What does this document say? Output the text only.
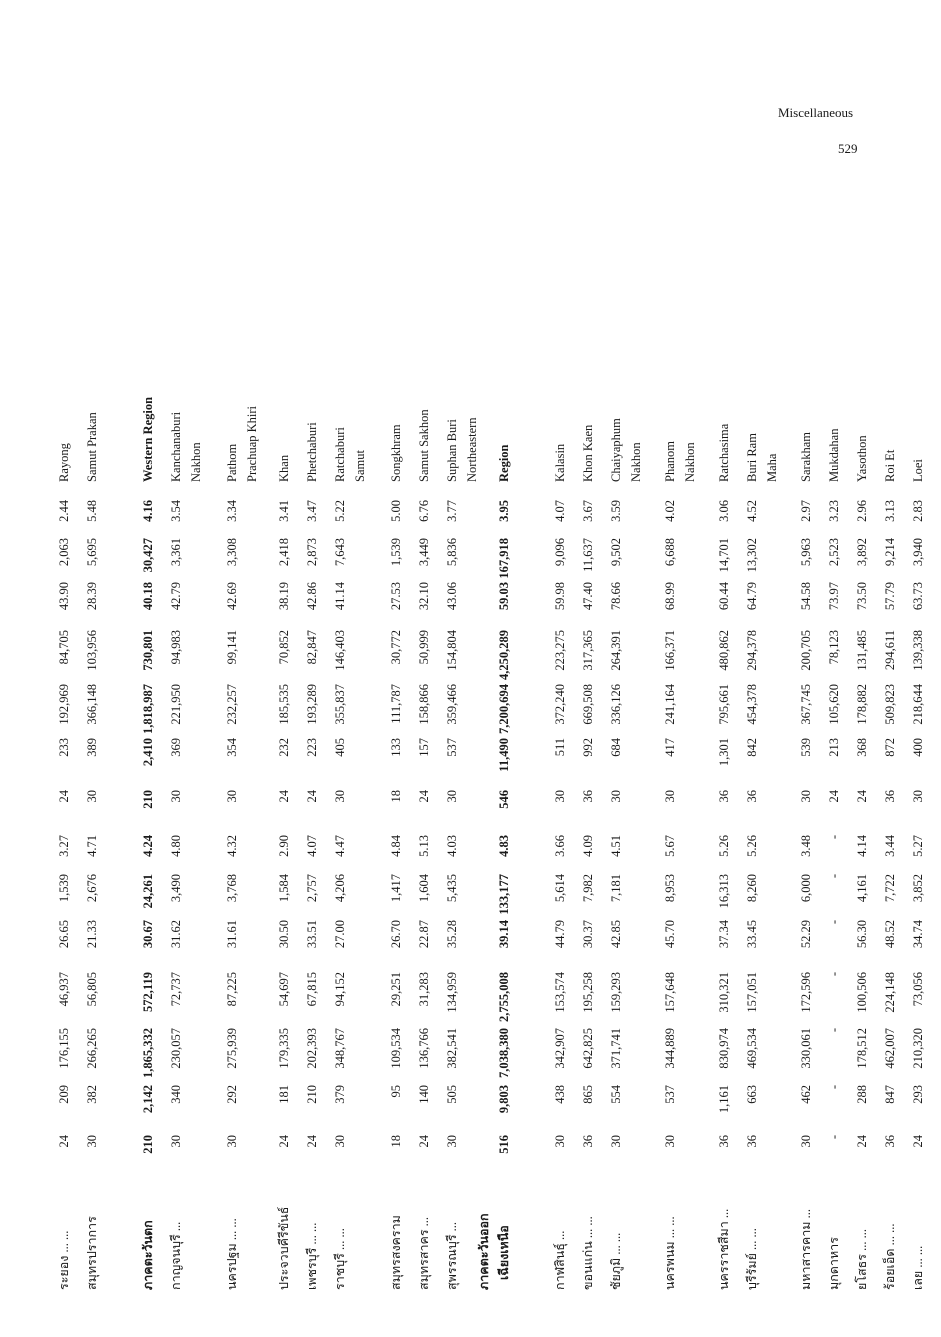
Miscellaneous
529
ระยอง ... ...
24
209
176,155
46,937
26.65
1,539
3.27
24
233
192,969
84,705
43.90
2,063
2.44
Rayong
สมุทรปราการ
30
382
266,265
56,805
21.33
2,676
4.71
30
389
366,148
103,956
28.39
5,695
5.48
Samut Prakan
ภาคตะวันตก
210
2,142
1,865,332
572,119
30.67
24,261
4.24
210
2,410
1,818,987
730,801
40.18
30,427
4.16
Western Region
กาญจนบุรี ...
30
340
230,057
72,737
31.62
3,490
4.80
30
369
221,950
94,983
42.79
3,361
3.54
Kanchanaburi Nakhon
นครปฐม ... ...
30
292
275,939
87,225
31.61
3,768
4.32
30
354
232,257
99,141
42.69
3,308
3.34
Pathom Prachuap Khiri
ประจวบคีรีขันธ์
24
181
179,335
54,697
30.50
1,584
2.90
24
232
185,535
70,852
38.19
2,418
3.41
Khan
เพชรบุรี ... ...
24
210
202,393
67,815
33.51
2,757
4.07
24
223
193,289
82,847
42.86
2,873
3.47
Phetchaburi
ราชบุรี ... ...
30
379
348,767
94,152
27.00
4,206
4.47
30
405
355,837
146,403
41.14
7,643
5.22
Ratchaburi Samut
สมุทรสงคราม
18
95
109,534
29,251
26.70
1,417
4.84
18
133
111,787
30,772
27.53
1,539
5.00
Songkhram
สมุทรสาคร ...
24
140
136,766
31,283
22.87
1,604
5.13
24
157
158,866
50,999
32.10
3,449
6.76
Samut Sakhon
สุพรรณบุรี ...
30
505
382,541
134,959
35.28
5,435
4.03
30
537
359,466
154,804
43.06
5,836
3.77
Suphan Buri Northeastern
ภาคตะวันออก เฉียงเหนือ
516
9,803
7,038,380
2,755,008
39.14
133,177
4.83
546
11,490
7,200,694
4,250,289
59.03
167,918
3.95
Region
กาฬสินธุ์ ...
30
438
342,907
153,574
44.79
5,614
3.66
30
511
372,240
223,275
59.98
9,096
4.07
Kalasin
ขอนแก่น ... ...
36
865
642,825
195,258
30.37
7,982
4.09
36
992
669,508
317,365
47.40
11,637
3.67
Khon Kaen
ชัยภูมิ ... ...
30
554
371,741
159,293
42.85
7,181
4.51
30
684
336,126
264,391
78.66
9,502
3.59
Chaiyaphum Nakhon
นครพนม ... ...
30
537
344,889
157,648
45.70
8,953
5.67
30
417
241,164
166,371
68.99
6,688
4.02
Phanom Nakhon
นครราชสีมา ...
36
1,161
830,974
310,321
37.34
16,313
5.26
36
1,301
795,661
480,862
60.44
14,701
3.06
Ratchasima
บุรีรัมย์ ... ...
36
663
469,534
157,051
33.45
8,260
5.26
36
842
454,378
294,378
64.79
13,302
4.52
Buri Ram Maha
มหาสารคาม ...
30
462
330,061
172,596
52.29
6,000
3.48
30
539
367,745
200,705
54.58
5,963
2.97
Sarakham
มุกดาหาร
-
-
-
-
-
-
-
24
213
105,620
78,123
73.97
2,523
3.23
Mukdahan
ยโสธร ... ...
24
288
178,512
100,506
56.30
4,161
4.14
24
368
178,882
131,485
73.50
3,892
2.96
Yasothon
ร้อยเอ็ด ... ...
36
847
462,007
224,148
48.52
7,722
3.44
36
872
509,823
294,611
57.79
9,214
3.13
Roi Et
เลย ... ...
24
293
210,320
73,056
34.74
3,852
5.27
30
400
218,644
139,338
63.73
3,940
2.83
Loei
